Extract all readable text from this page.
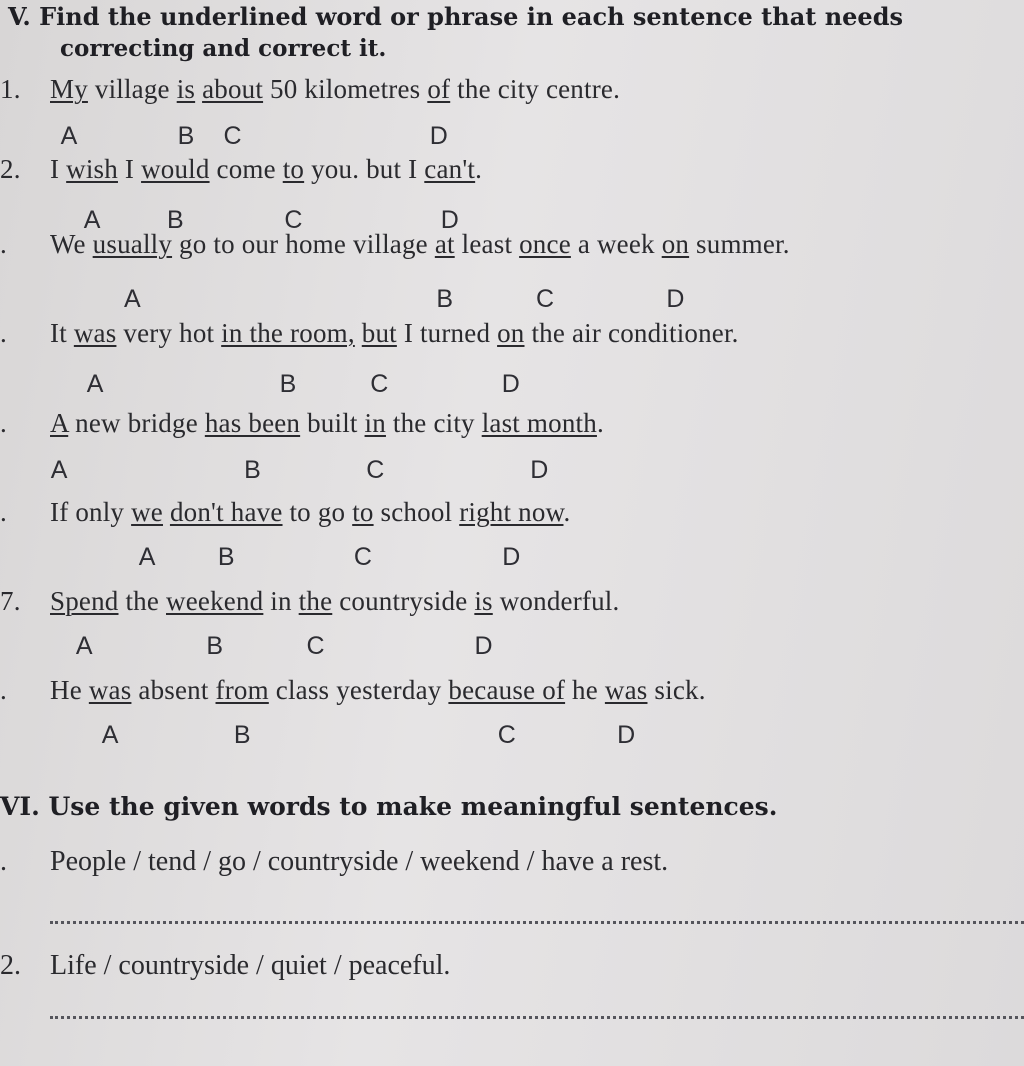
V. Find the underlined word or phrase in each sentence that needs
correcting and correct it.
1. My village is about 50 kilometres of the city centre.
2. I wish I would come to you. but I can't.
. We usually go to our home village at least once a week on summer.
. It was very hot in the room, but I turned on the air conditioner.
. A new bridge has been built in the city last month.
. If only we don't have to go to school right now.
7. Spend the weekend in the countryside is wonderful.
. He was absent from class yesterday because of he was sick.
A	B C	D
A	B	C	D
A	B	C	D
A	B	C	D
A	B	C	D
A	B	C	D
A	B	C	D
A	B	C	D
VI. Use the given words to make meaningful sentences.
. People / tend / go / countryside / weekend / have a rest.
2. Life / countryside / quiet / peaceful.
